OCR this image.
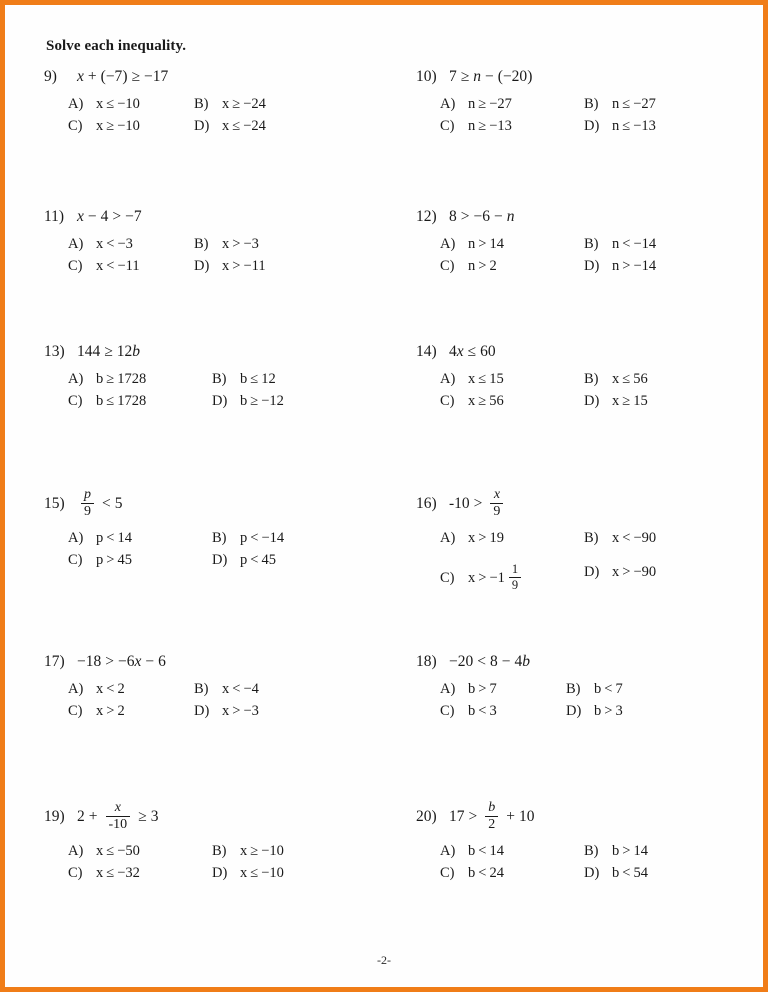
Solve each inequality.
9)	x + ( −7 ) ≥ −17
A) x ≤ −10	B) x ≥ −24
C) x ≥ −10	D) x ≤ −24
10) 7 ≥ n − ( −20 )
A) n ≥ −27	B) n ≤ −27
C) n ≥ −13	D) n ≤ −13
11) x − 4 > −7
A) x < −3	B) x > −3
C) x < −11	D) x > −11
12) 8 > −6 − n
A) n > 14	B) n < −14
C) n > 2	D) n > −14
13) 144 ≥ 12 b
A) b ≥ 1728	B) b ≤ 12
C) b ≤ 1728	D) b ≥ −12
14) 4 x ≤ 60
A) x ≤ 15	B) x ≤ 56
C) x ≥ 56	D) x ≥ 15
15)	$\frac{p}{9} < 5$
A) p < 14	B) p < −14
C) p > 45	D) p < 45
16) $-10 > \frac{x}{9}$
A) x > 19	B) x < −90
C) $x > -1 \frac{1}{9}$	D) x > −90
17) −18 > −6 x − 6
A) x < 2	B) x < −4
C) x > 2	D) x > −3
18) −20 < 8 − 4 b
A) b > 7	B) b < 7
C) b < 3	D) b > 3
19) $2 + \frac{x}{-10} \ge 3$
A) x ≤ −50	B) x ≥ −10
C) x ≤ −32	D) x ≤ −10
20) $17 > \frac{b}{2} + 10$
A) b < 14	B) b > 14
C) b < 24	D) b < 54
-2-
